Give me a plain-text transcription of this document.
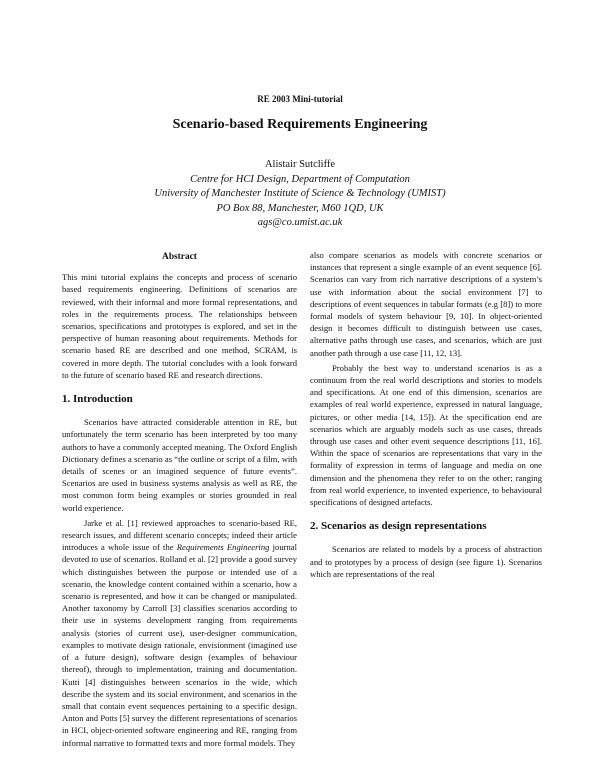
RE 2003 Mini-tutorial
Scenario-based Requirements Engineering
Alistair Sutcliffe
Centre for HCI Design, Department of Computation
University of Manchester Institute of Science & Technology (UMIST)
PO Box 88, Manchester, M60 1QD, UK
ags@co.umist.ac.uk
Abstract

This mini tutorial explains the concepts and process of scenario based requirements engineering. Definitions of scenarios are reviewed, with their informal and more formal representations, and roles in the requirements process. The relationships between scenarios, specifications and prototypes is explored, and set in the perspective of human reasoning about requirements. Methods for scenario based RE are described and one method, SCRAM, is covered in more depth. The tutorial concludes with a look forward to the future of scenario based RE and research directions.

1. Introduction

Scenarios have attracted considerable attention in RE, but unfortunately the term scenario has been interpreted by too many authors to have a commonly accepted meaning. The Oxford English Dictionary defines a scenario as “the outline or script of a film, with details of scenes or an imagined sequence of future events”. Scenarios are used in business systems analysis as well as RE, the most common form being examples or stories grounded in real world experience.

Jarke et al. [1] reviewed approaches to scenario-based RE, research issues, and different scenario concepts; indeed their article introduces a whole issue of the Requirements Engineering journal devoted to use of scenarios. Rolland et al. [2] provide a good survey which distinguishes between the purpose or intended use of a scenario, the knowledge content contained within a scenario, how a scenario is represented, and how it can be changed or manipulated. Another taxonomy by Carroll [3] classifies scenarios according to their use in systems development ranging from requirements analysis (stories of current use), user-designer communication, examples to motivate design rationale, envisionment (imagined use of a future design), software design (examples of behaviour thereof), through to implementation, training and documentation. Kutti [4] distinguishes between scenarios in the wide, which describe the system and its social environment, and scenarios in the small that contain event sequences pertaining to a specific design. Anton and Potts [5] survey the different representations of scenarios in HCI, object-oriented software engineering and RE, ranging from informal narrative to formatted texts and more formal models. They

also compare scenarios as models with concrete scenarios or instances that represent a single example of an event sequence [6]. Scenarios can vary from rich narrative descriptions of a system’s use with information about the social environment [7] to descriptions of event sequences in tabular formats (e.g [8]) to more formal models of system behaviour [9, 10]. In object-oriented design it becomes difficult to distinguish between use cases, alternative paths through use cases, and scenarios, which are just another path through a use case [11, 12, 13].

Probably the best way to understand scenarios is as a continuum from the real world descriptions and stories to models and specifications. At one end of this dimension, scenarios are examples of real world experience, expressed in natural language, pictures, or other media [14, 15]). At the specification end are scenarios which are arguably models such as use cases, threads through use cases and other event sequence descriptions [11, 16]. Within the space of scenarios are representations that vary in the formality of expression in terms of language and media on one dimension and the phenomena they refer to on the other; ranging from real world experience, to invented experience, to behavioural specifications of designed artefacts.

2. Scenarios as design representations

Scenarios are related to models by a process of abstraction and to prototypes by a process of design (see figure 1). Scenarios which are representations of the real
